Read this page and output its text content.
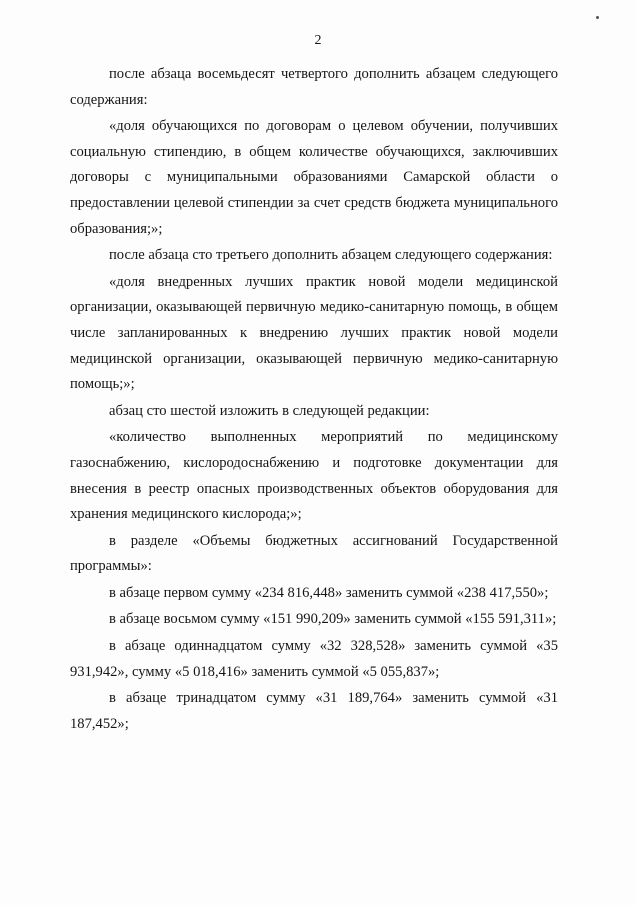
2

после абзаца восемьдесят четвертого дополнить абзацем следующего содержания:

«доля обучающихся по договорам о целевом обучении, получивших социальную стипендию, в общем количестве обучающихся, заключивших договоры с муниципальными образованиями Самарской области о предоставлении целевой стипендии за счет средств бюджета муниципального образования;»;

после абзаца сто третьего дополнить абзацем следующего содержания:

«доля внедренных лучших практик новой модели медицинской организации, оказывающей первичную медико-санитарную помощь, в общем числе запланированных к внедрению лучших практик новой модели медицинской организации, оказывающей первичную медико-санитарную помощь;»;

абзац сто шестой изложить в следующей редакции:

«количество выполненных мероприятий по медицинскому газоснабжению, кислородоснабжению и подготовке документации для внесения в реестр опасных производственных объектов оборудования для хранения медицинского кислорода;»;

в разделе «Объемы бюджетных ассигнований Государственной программы»:

в абзаце первом сумму «234 816,448» заменить суммой «238 417,550»;

в абзаце восьмом сумму «151 990,209» заменить суммой «155 591,311»;

в абзаце одиннадцатом сумму «32 328,528» заменить суммой «35 931,942», сумму «5 018,416» заменить суммой «5 055,837»;

в абзаце тринадцатом сумму «31 189,764» заменить суммой «31 187,452»;
